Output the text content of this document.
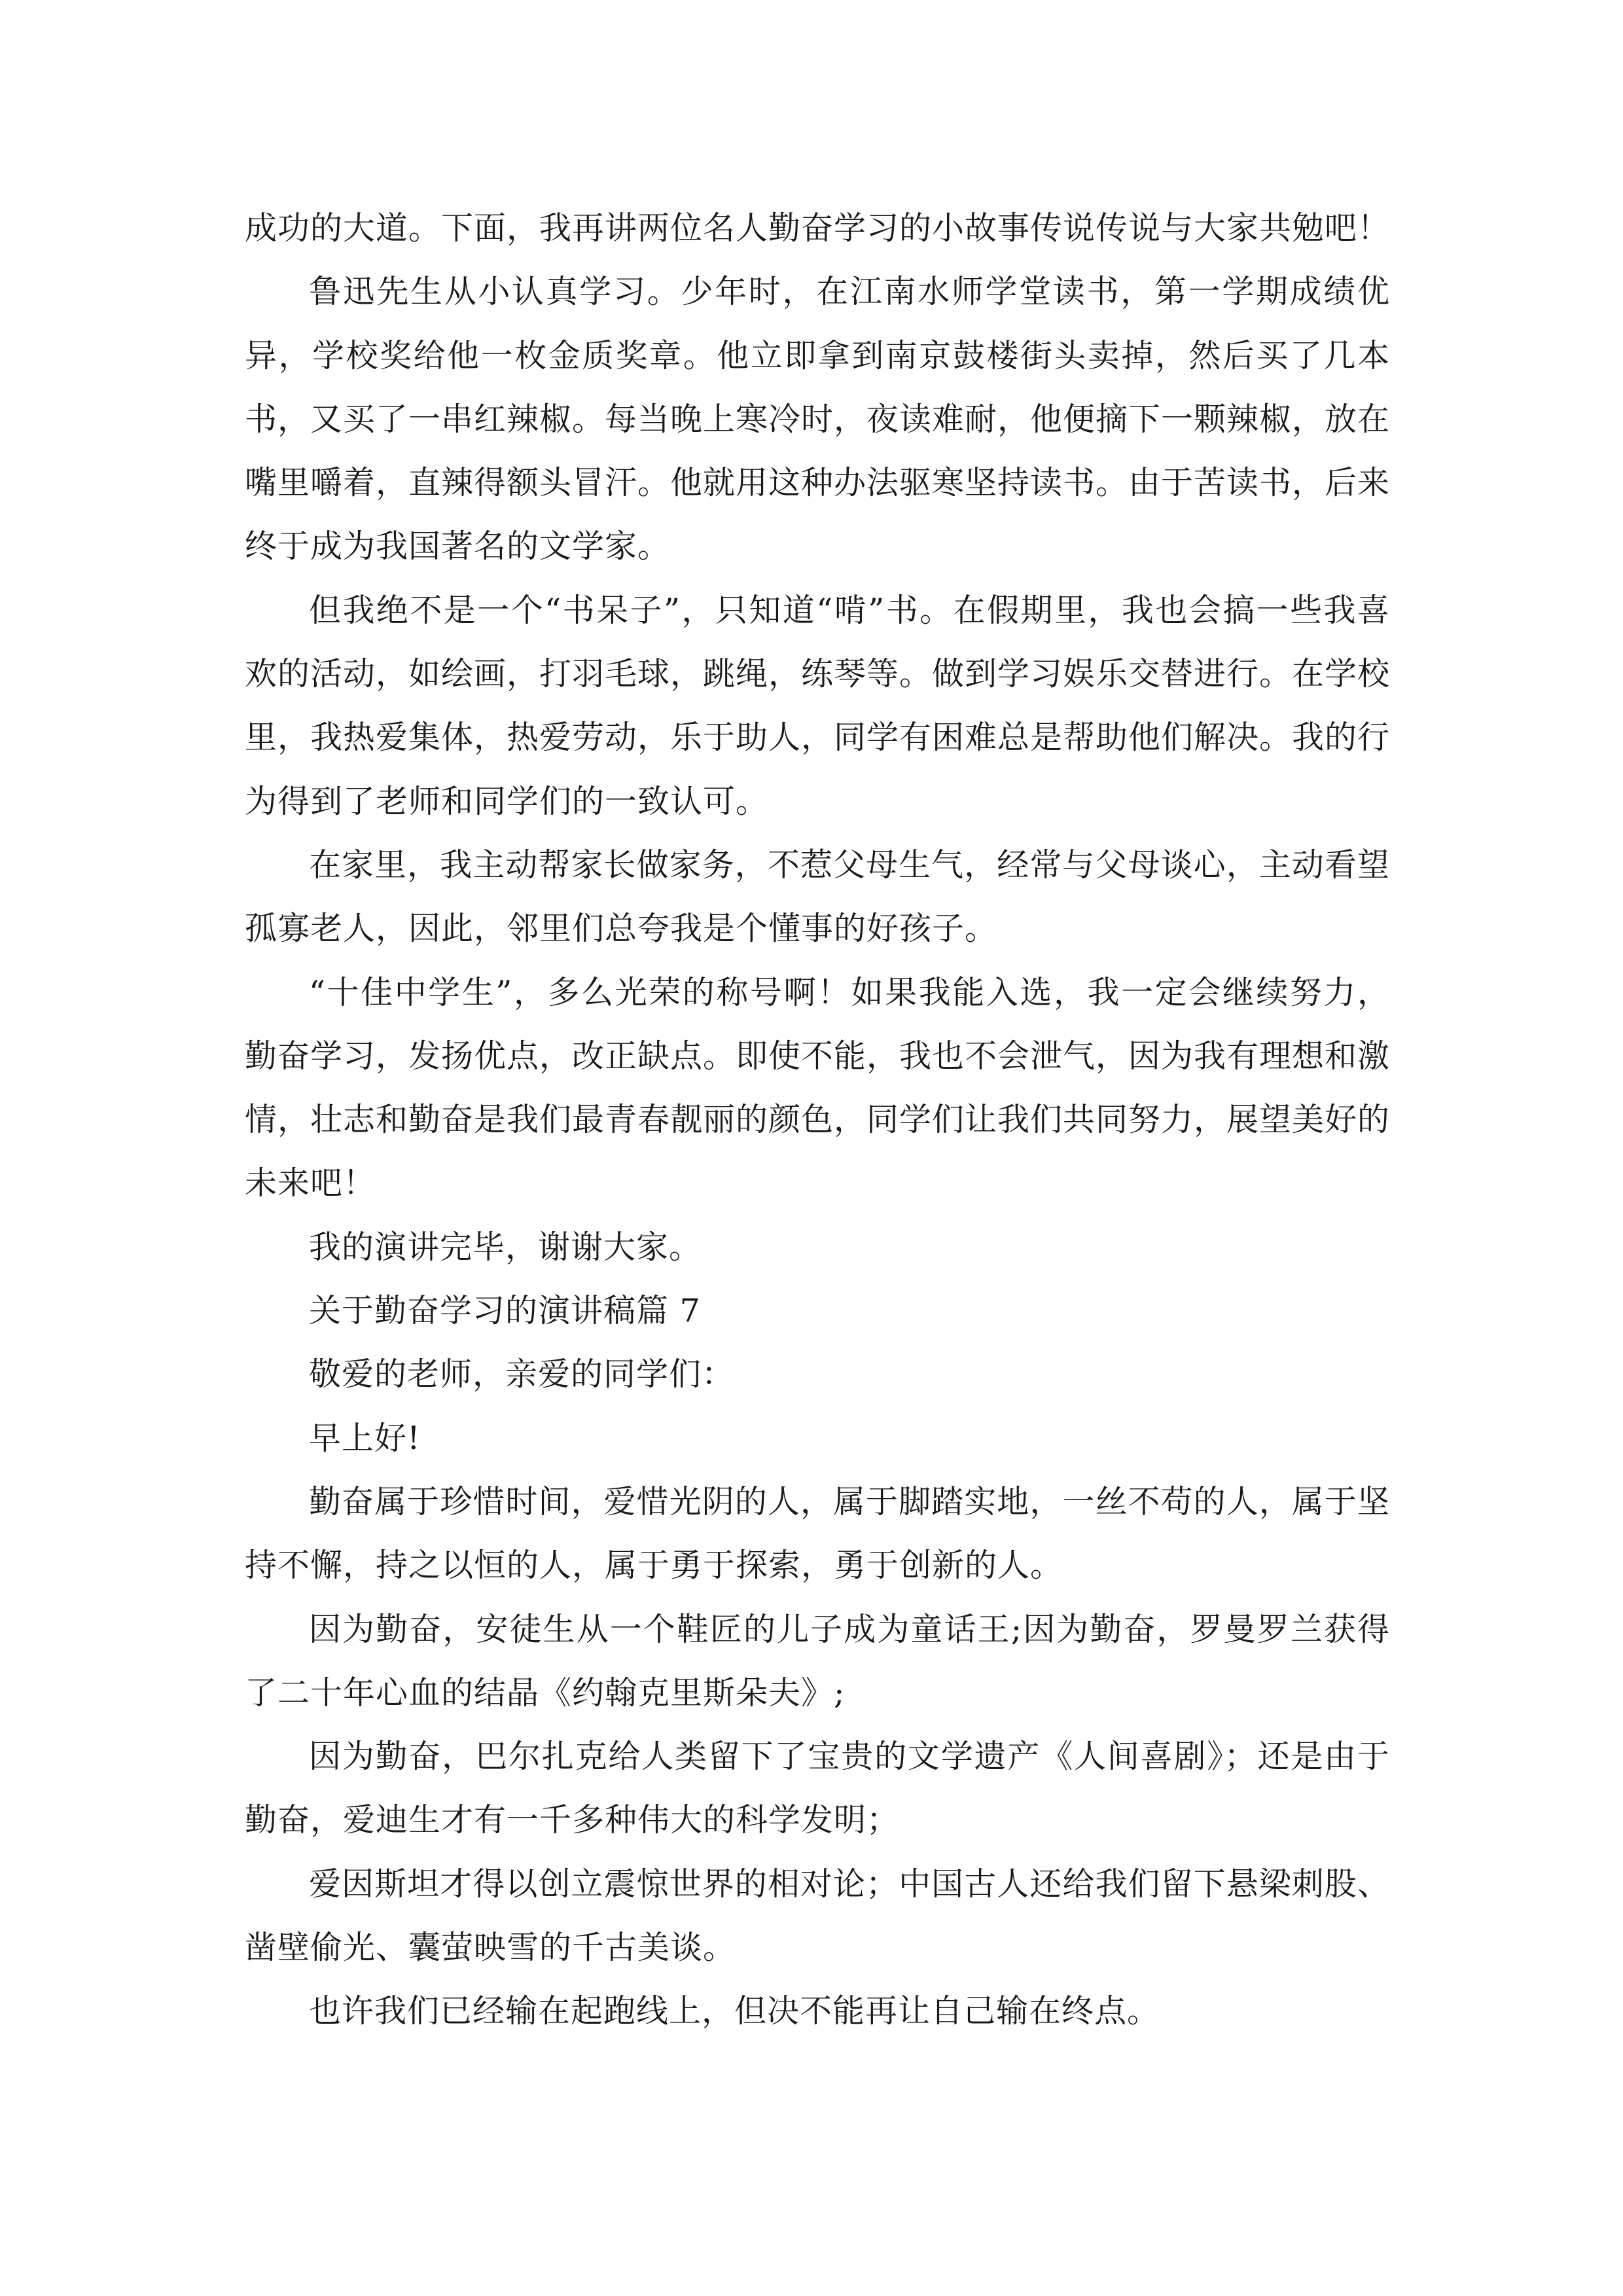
成功的大道。下面，我再讲两位名人勤奋学习的小故事传说传说与大家共勉吧！

鲁迅先生从小认真学习。少年时，在江南水师学堂读书，第一学期成绩优异，学校奖给他一枚金质奖章。他立即拿到南京鼓楼街头卖掉，然后买了几本书，又买了一串红辣椒。每当晚上寒冷时，夜读难耐，他便摘下一颗辣椒，放在嘴里嚼着，直辣得额头冒汗。他就用这种办法驱寒坚持读书。由于苦读书，后来终于成为我国著名的文学家。

但我绝不是一个“书呆子”，只知道“啃”书。在假期里，我也会搞一些我喜欢的活动，如绘画，打羽毛球，跳绳，练琴等。做到学习娱乐交替进行。在学校里，我热爱集体，热爱劳动，乐于助人，同学有困难总是帮助他们解决。我的行为得到了老师和同学们的一致认可。

在家里，我主动帮家长做家务，不惹父母生气，经常与父母谈心，主动看望孤寡老人，因此，邻里们总夸我是个懂事的好孩子。

“十佳中学生”，多么光荣的称号啊！如果我能入选，我一定会继续努力，勤奋学习，发扬优点，改正缺点。即使不能，我也不会泄气，因为我有理想和激情，壮志和勤奋是我们最青春靓丽的颜色，同学们让我们共同努力，展望美好的未来吧！

我的演讲完毕，谢谢大家。

关于勤奋学习的演讲稿篇 7

敬爱的老师，亲爱的同学们：

早上好!

勤奋属于珍惜时间，爱惜光阴的人，属于脚踏实地，一丝不苟的人，属于坚持不懈，持之以恒的人，属于勇于探索，勇于创新的人。

因为勤奋，安徒生从一个鞋匠的儿子成为童话王;因为勤奋，罗曼罗兰获得了二十年心血的结晶《约翰克里斯朵夫》;

因为勤奋，巴尔扎克给人类留下了宝贵的文学遗产《人间喜剧》；还是由于勤奋，爱迪生才有一千多种伟大的科学发明；

爱因斯坦才得以创立震惊世界的相对论；中国古人还给我们留下悬梁刺股、凿壁偷光、囊萤映雪的千古美谈。

也许我们已经输在起跑线上，但决不能再让自己输在终点。
